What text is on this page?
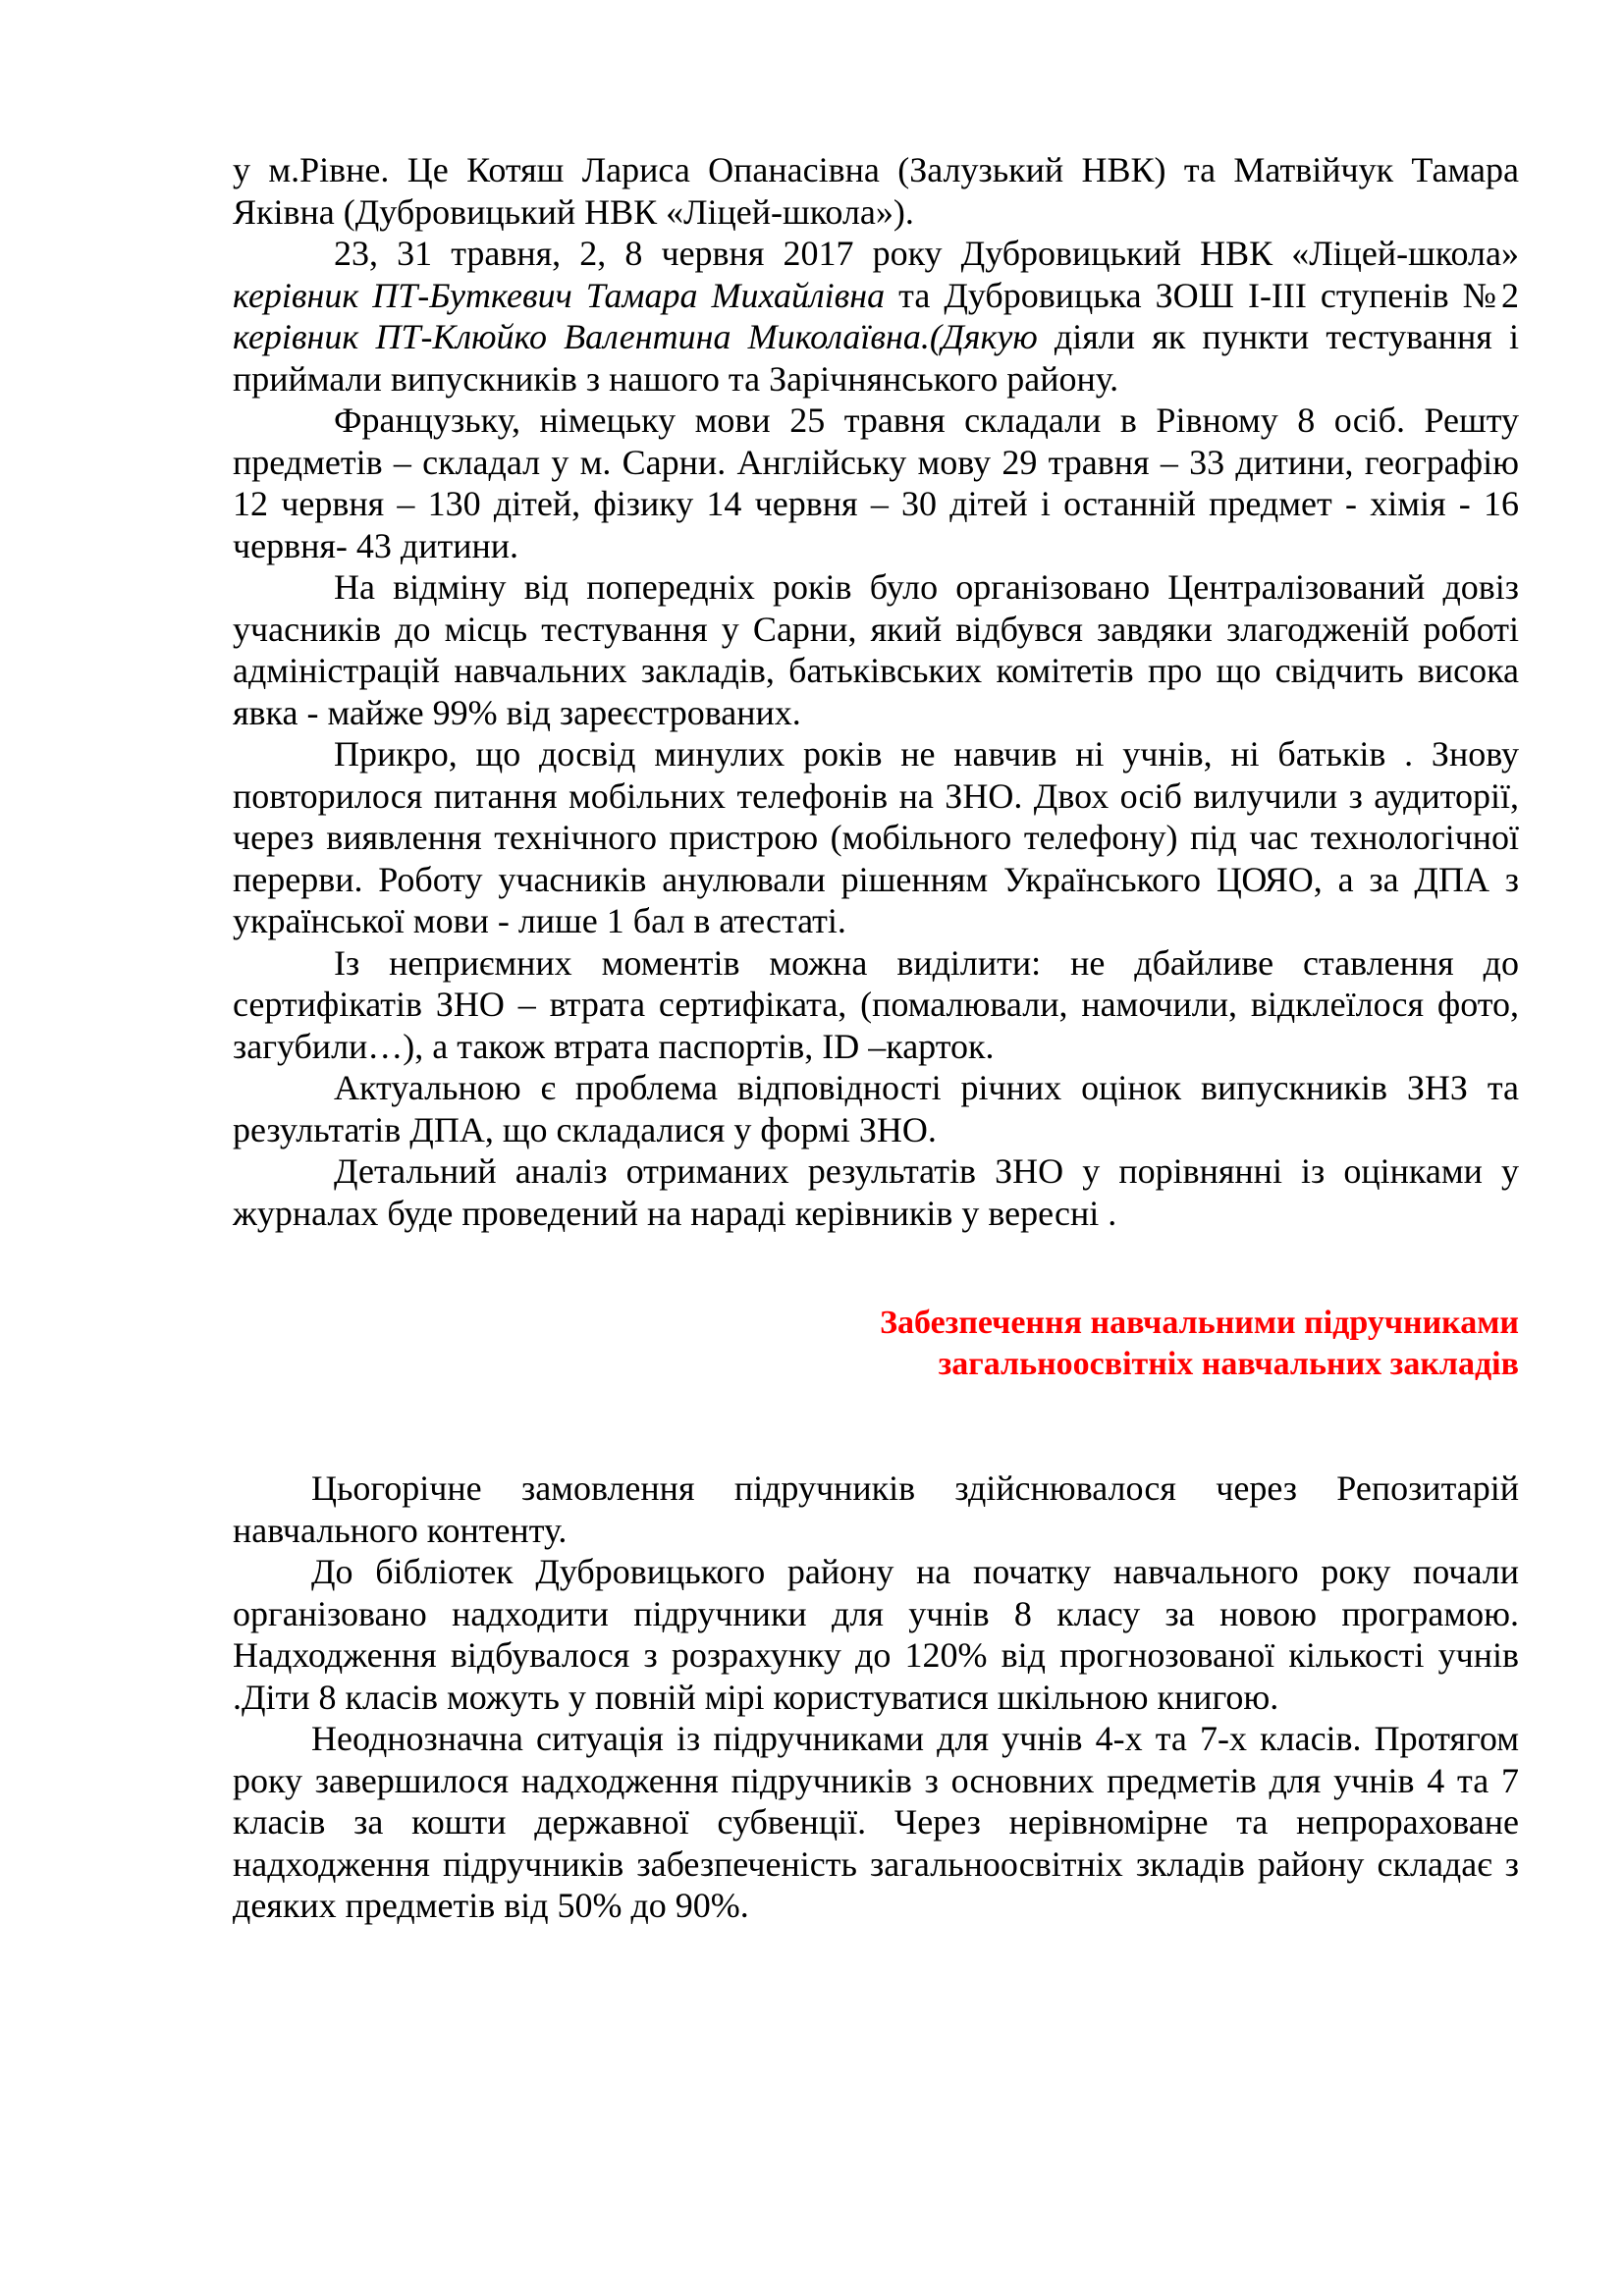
у м.Рівне. Це Котяш Лариса Опанасівна (Залузький НВК) та Матвійчук Тамара Яківна (Дубровицький НВК «Ліцей-школа»).

23, 31 травня, 2, 8 червня 2017 року Дубровицький НВК «Ліцей-школа» керівник ПТ-Буткевич Тамара Михайлівна та Дубровицька ЗОШ І-ІІІ ступенів №2 керівник ПТ-Клюйко Валентина Миколаївна.(Дякую діяли як пункти тестування і приймали випускників з нашого та Зарічнянського району.

Французьку, німецьку мови 25 травня складали в Рівному 8 осіб. Решту предметів – складал у м. Сарни. Англійську мову 29 травня – 33 дитини, географію 12 червня – 130 дітей, фізику 14 червня – 30 дітей і останній предмет - хімія - 16 червня- 43 дитини.

На відміну від попередніх років було організовано Централізований довіз учасників до місць тестування у Сарни, який відбувся завдяки злагодженій роботі адміністрацій навчальних закладів, батьківських комітетів про що свідчить висока явка - майже 99% від зареєстрованих.

Прикро, що досвід минулих років не навчив ні учнів, ні батьків . Знову повторилося питання мобільних телефонів на ЗНО. Двох осіб вилучили з аудиторії, через виявлення технічного пристрою (мобільного телефону) під час технологічної перерви. Роботу учасників анулювали рішенням Українського ЦОЯО, а за ДПА з української мови - лише 1 бал в атестаті.

Із неприємних моментів можна виділити: не дбайливе ставлення до сертифікатів ЗНО – втрата сертифіката, (помалювали, намочили, відклеїлося фото, загубили…), а також втрата паспортів, ID –карток.

Актуальною є проблема відповідності річних оцінок випускників ЗНЗ та результатів ДПА, що складалися у формі ЗНО.

Детальний аналіз отриманих результатів ЗНО у порівнянні із оцінками у журналах буде проведений на нараді керівників у вересні .

Забезпечення навчальними підручниками

загальноосвітніх навчальних закладів

Цьогорічне замовлення підручників здійснювалося через Репозитарій навчального контенту.

До бібліотек Дубровицького району на початку навчального року почали організовано надходити підручники для учнів 8 класу за новою програмою. Надходження відбувалося з розрахунку до 120% від прогнозованої кількості учнів .Діти 8 класів можуть у повній мірі користуватися шкільною книгою.

Неоднозначна ситуація із підручниками для учнів 4-х та 7-х класів. Протягом року завершилося надходження підручників з основних предметів для учнів 4 та 7 класів за кошти державної субвенції. Через нерівномірне та непрораховане надходження підручників забезпеченість загальноосвітніх зкладів району складає з деяких предметів від 50% до 90%.
